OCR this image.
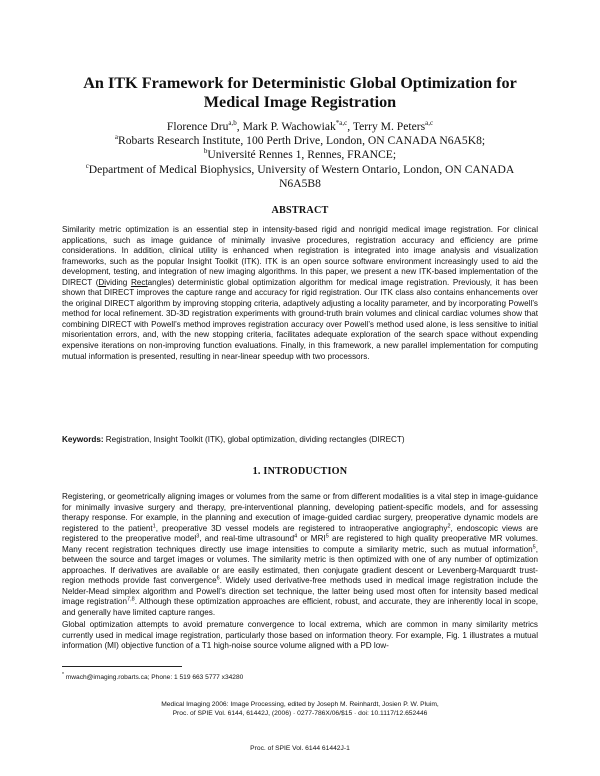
An ITK Framework for Deterministic Global Optimization for
Medical Image Registration
Florence Dru$^{a,b}$, Mark P. Wachowiak$^{*a,c}$, Terry M. Peters$^{a,c}$
$^a$Robarts Research Institute, 100 Perth Drive, London, ON CANADA N6A5K8;
$^b$Université Rennes 1, Rennes, FRANCE;
$^c$Department of Medical Biophysics, University of Western Ontario, London, ON CANADA
N6A5B8
ABSTRACT
Similarity metric optimization is an essential step in intensity-based rigid and nonrigid medical image registration. For clinical applications, such as image guidance of minimally invasive procedures, registration accuracy and efficiency are prime considerations. In addition, clinical utility is enhanced when registration is integrated into image analysis and visualization frameworks, such as the popular Insight Toolkit (ITK). ITK is an open source software environment increasingly used to aid the development, testing, and integration of new imaging algorithms. In this paper, we present a new ITK-based implementation of the DIRECT (Dividing Rectangles) deterministic global optimization algorithm for medical image registration. Previously, it has been shown that DIRECT improves the capture range and accuracy for rigid registration. Our ITK class also contains enhancements over the original DIRECT algorithm by improving stopping criteria, adaptively adjusting a locality parameter, and by incorporating Powell’s method for local refinement. 3D-3D registration experiments with ground-truth brain volumes and clinical cardiac volumes show that combining DIRECT with Powell’s method improves registration accuracy over Powell’s method used alone, is less sensitive to initial misorientation errors, and, with the new stopping criteria, facilitates adequate exploration of the search space without expending expensive iterations on non-improving function evaluations. Finally, in this framework, a new parallel implementation for computing mutual information is presented, resulting in near-linear speedup with two processors.
Keywords: Registration, Insight Toolkit (ITK), global optimization, dividing rectangles (DIRECT)
1. INTRODUCTION
Registering, or geometrically aligning images or volumes from the same or from different modalities is a vital step in image-guidance for minimally invasive surgery and therapy, pre-interventional planning, developing patient-specific models, and for assessing therapy response. For example, in the planning and execution of image-guided cardiac surgery, preoperative dynamic models are registered to the patient$^1$, preoperative 3D vessel models are registered to intraoperative angiography$^2$, endoscopic views are registered to the preoperative model$^3$, and real-time ultrasound$^4$ or MRI$^5$ are registered to high quality preoperative MR volumes. Many recent registration techniques directly use image intensities to compute a similarity metric, such as mutual information$^5$, between the source and target images or volumes. The similarity metric is then optimized with one of any number of optimization approaches. If derivatives are available or are easily estimated, then conjugate gradient descent or Levenberg-Marquardt trust-region methods provide fast convergence$^6$. Widely used derivative-free methods used in medical image registration include the Nelder-Mead simplex algorithm and Powell’s direction set technique, the latter being used most often for intensity based medical image registration$^{7,8}$. Although these optimization approaches are efficient, robust, and accurate, they are inherently local in scope, and generally have limited capture ranges.
Global optimization attempts to avoid premature convergence to local extrema, which are common in many similarity metrics currently used in medical image registration, particularly those based on information theory. For example, Fig. 1 illustrates a mutual information (MI) objective function of a T1 high-noise source volume aligned with a PD low-
* mwach@imaging.robarts.ca; Phone: 1 519 663 5777 x34280
Medical Imaging 2006: Image Processing, edited by Joseph M. Reinhardt, Josien P. W. Pluim,
Proc. of SPIE Vol. 6144, 61442J, (2006) · 0277-786X/06/$15 · doi: 10.1117/12.652446
Proc. of SPIE Vol. 6144 61442J-1
